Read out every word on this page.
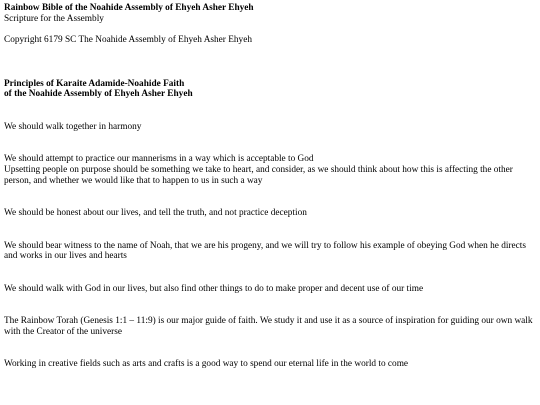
Rainbow Bible of the Noahide Assembly of Ehyeh Asher Ehyeh
Scripture for the Assembly
Copyright 6179 SC The Noahide Assembly of Ehyeh Asher Ehyeh
Principles of Karaite Adamide-Noahide Faith
of the Noahide Assembly of Ehyeh Asher Ehyeh
We should walk together in harmony
We should attempt to practice our mannerisms in a way which is acceptable to God
Upsetting people on purpose should be something we take to heart, and consider, as we should think about how this is affecting the other person, and whether we would like that to happen to us in such a way
We should be honest about our lives, and tell the truth, and not practice deception
We should bear witness to the name of Noah, that we are his progeny, and we will try to follow his example of obeying God when he directs and works in our lives and hearts
We should walk with God in our lives, but also find other things to do to make proper and decent use of our time
The Rainbow Torah (Genesis 1:1 – 11:9) is our major guide of faith. We study it and use it as a source of inspiration for guiding our own walk with the Creator of the universe
Working in creative fields such as arts and crafts is a good way to spend our eternal life in the world to come
